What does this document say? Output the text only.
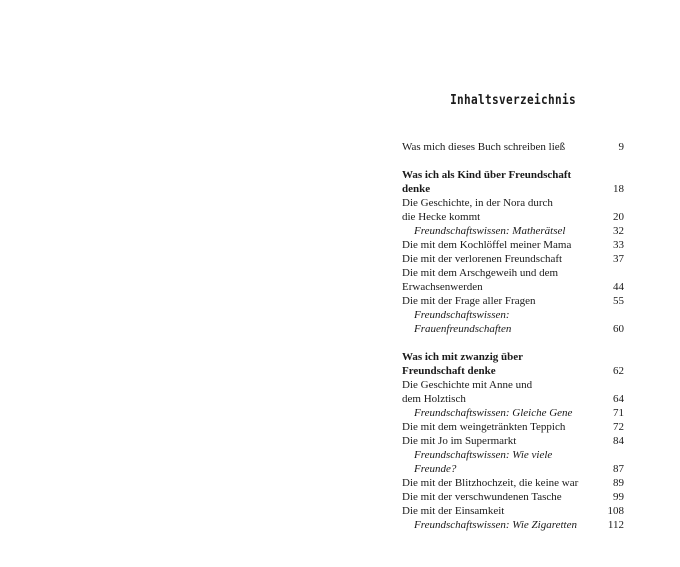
Inhaltsverzeichnis
Was mich dieses Buch schreiben ließ	9
Was ich als Kind über Freundschaft
denke	18
Die Geschichte, in der Nora durch
die Hecke kommt	20
Freundschaftswissen: Matherätsel	32
Die mit dem Kochlöffel meiner Mama	33
Die mit der verlorenen Freundschaft	37
Die mit dem Arschgeweih und dem
Erwachsenwerden	44
Die mit der Frage aller Fragen	55
Freundschaftswissen: Frauenfreundschaften	60
Was ich mit zwanzig über
Freundschaft denke	62
Die Geschichte mit Anne und
dem Holztisch	64
Freundschaftswissen: Gleiche Gene	71
Die mit dem weingetränkten Teppich	72
Die mit Jo im Supermarkt	84
Freundschaftswissen: Wie viele Freunde?	87
Die mit der Blitzhochzeit, die keine war	89
Die mit der verschwundenen Tasche	99
Die mit der Einsamkeit	108
Freundschaftswissen: Wie Zigaretten	112
